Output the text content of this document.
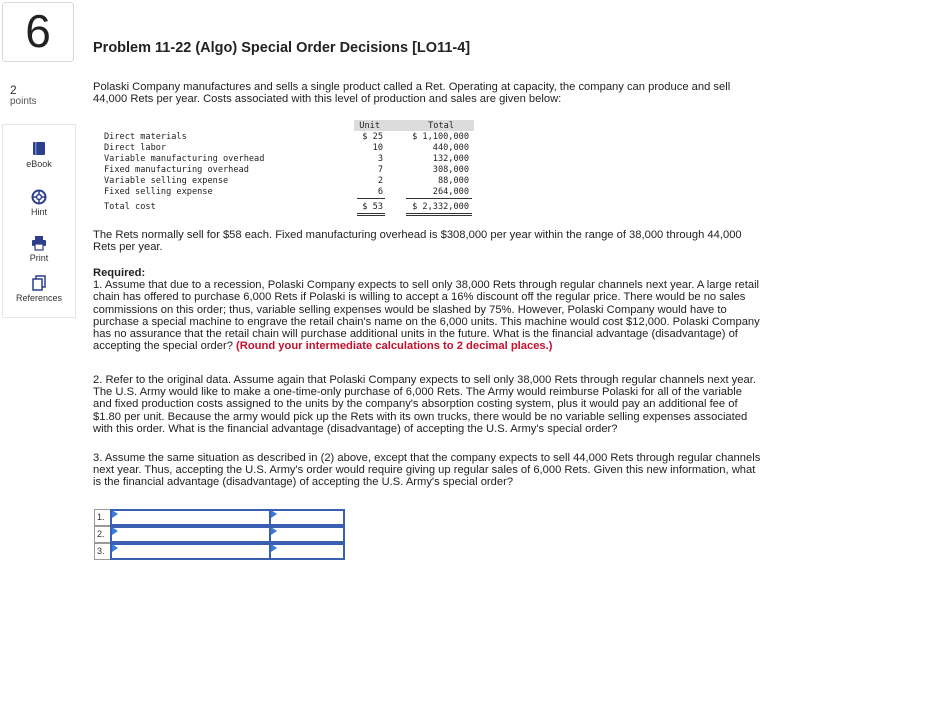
6	Problem 11-22 (Algo) Special Order Decisions [LO11-4]
2
points
eBook
Hint
Print
References
Polaski Company manufactures and sells a single product called a Ret. Operating at capacity, the company can produce and sell
44,000 Rets per year. Costs associated with this level of production and sales are given below:
Unit	Total
Direct materials	$ 25	$ 1,100,000
Direct labor	10	440,000
Variable manufacturing overhead	3	132,000
Fixed manufacturing overhead	7	308,000
Variable selling expense	2	88,000
Fixed selling expense	6	264,000
Total cost	$ 53	$ 2,332,000
The Rets normally sell for $58 each. Fixed manufacturing overhead is $308,000 per year within the range of 38,000 through 44,000
Rets per year.
Required:
1. Assume that due to a recession, Polaski Company expects to sell only 38,000 Rets through regular channels next year. A large retail
chain has offered to purchase 6,000 Rets if Polaski is willing to accept a 16% discount off the regular price. There would be no sales
commissions on this order; thus, variable selling expenses would be slashed by 75%. However, Polaski Company would have to
purchase a special machine to engrave the retail chain's name on the 6,000 units. This machine would cost $12,000. Polaski Company
has no assurance that the retail chain will purchase additional units in the future. What is the financial advantage (disadvantage) of
accepting the special order? (Round your intermediate calculations to 2 decimal places.)
2. Refer to the original data. Assume again that Polaski Company expects to sell only 38,000 Rets through regular channels next year.
The U.S. Army would like to make a one-time-only purchase of 6,000 Rets. The Army would reimburse Polaski for all of the variable
and fixed production costs assigned to the units by the company's absorption costing system, plus it would pay an additional fee of
$1.80 per unit. Because the army would pick up the Rets with its own trucks, there would be no variable selling expenses associated
with this order. What is the financial advantage (disadvantage) of accepting the U.S. Army's special order?
3. Assume the same situation as described in (2) above, except that the company expects to sell 44,000 Rets through regular channels
next year. Thus, accepting the U.S. Army's order would require giving up regular sales of 6,000 Rets. Given this new information, what
is the financial advantage (disadvantage) of accepting the U.S. Army's special order?
1.
2.
3.
